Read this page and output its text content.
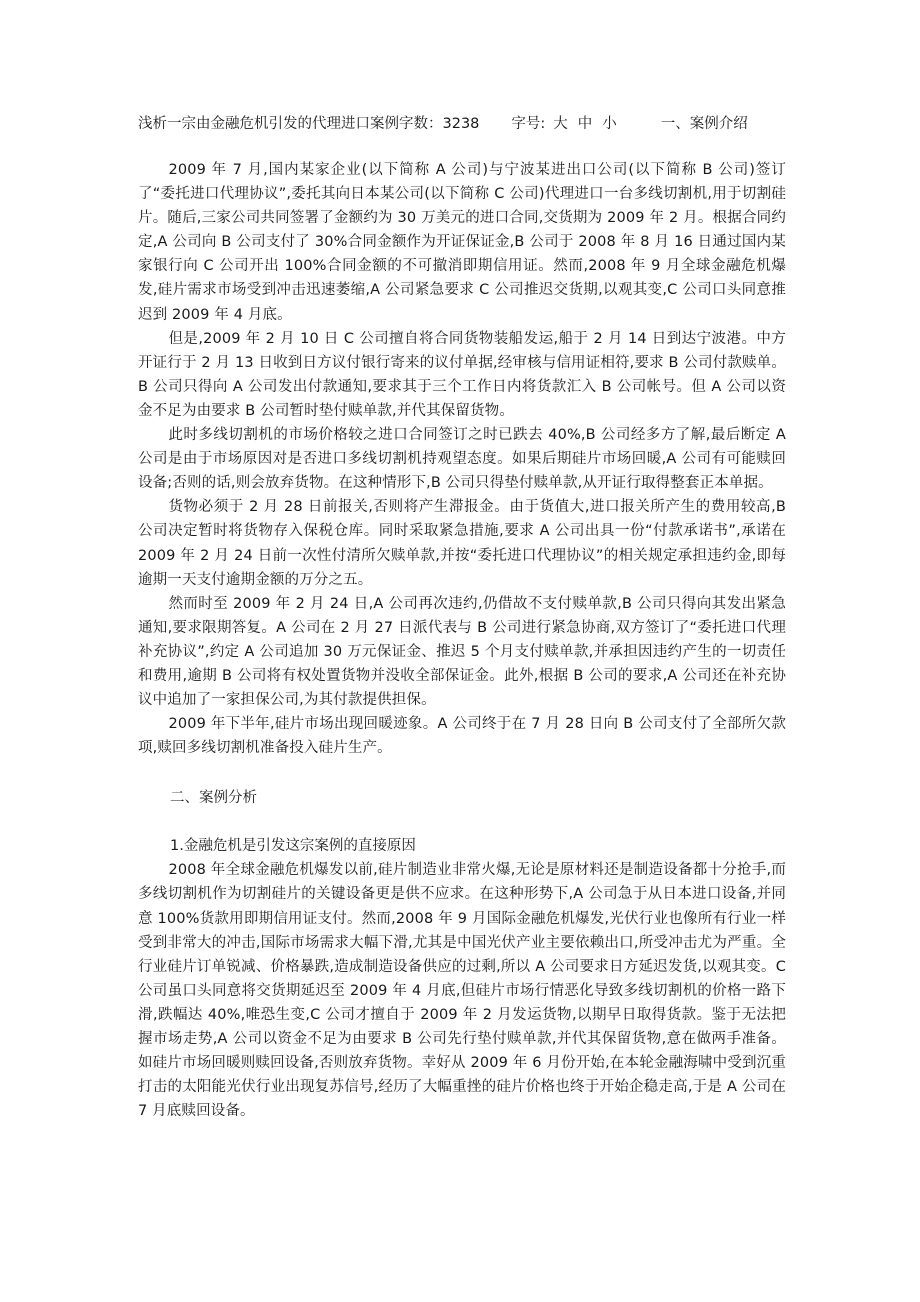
浅析一宗由金融危机引发的代理进口案例字数：3238 字号: 大 中 小	一、案例介绍

2009 年 7 月,国内某家企业(以下简称 A 公司)与宁波某进出口公司(以下简称 B 公司)签订了“委托进口代理协议”,委托其向日本某公司(以下简称 C 公司)代理进口一台多线切割机,用于切割硅片。随后,三家公司共同签署了金额约为 30 万美元的进口合同,交货期为 2009 年 2 月。根据合同约定,A 公司向 B 公司支付了 30%合同金额作为开证保证金,B 公司于 2008 年 8 月 16 日通过国内某家银行向 C 公司开出 100%合同金额的不可撤消即期信用证。然而,2008 年 9 月全球金融危机爆发,硅片需求市场受到冲击迅速萎缩,A 公司紧急要求 C 公司推迟交货期,以观其变,C 公司口头同意推迟到 2009 年 4 月底。

但是,2009 年 2 月 10 日 C 公司擅自将合同货物装船发运,船于 2 月 14 日到达宁波港。中方开证行于 2 月 13 日收到日方议付银行寄来的议付单据,经审核与信用证相符,要求 B 公司付款赎单。B 公司只得向 A 公司发出付款通知,要求其于三个工作日内将货款汇入 B 公司帐号。但 A 公司以资金不足为由要求 B 公司暂时垫付赎单款,并代其保留货物。

此时多线切割机的市场价格较之进口合同签订之时已跌去 40%,B 公司经多方了解,最后断定 A 公司是由于市场原因对是否进口多线切割机持观望态度。如果后期硅片市场回暖,A 公司有可能赎回设备;否则的话,则会放弃货物。在这种情形下,B 公司只得垫付赎单款,从开证行取得整套正本单据。

货物必须于 2 月 28 日前报关,否则将产生滞报金。由于货值大,进口报关所产生的费用较高,B 公司决定暂时将货物存入保税仓库。同时采取紧急措施,要求 A 公司出具一份“付款承诺书”,承诺在 2009 年 2 月 24 日前一次性付清所欠赎单款,并按“委托进口代理协议”的相关规定承担违约金,即每逾期一天支付逾期金额的万分之五。

然而时至 2009 年 2 月 24 日,A 公司再次违约,仍借故不支付赎单款,B 公司只得向其发出紧急通知,要求限期答复。A 公司在 2 月 27 日派代表与 B 公司进行紧急协商,双方签订了“委托进口代理补充协议”,约定 A 公司追加 30 万元保证金、推迟 5 个月支付赎单款,并承担因违约产生的一切责任和费用,逾期 B 公司将有权处置货物并没收全部保证金。此外,根据 B 公司的要求,A 公司还在补充协议中追加了一家担保公司,为其付款提供担保。

2009 年下半年,硅片市场出现回暖迹象。A 公司终于在 7 月 28 日向 B 公司支付了全部所欠款项,赎回多线切割机准备投入硅片生产。

二、案例分析

1.金融危机是引发这宗案例的直接原因

2008 年全球金融危机爆发以前,硅片制造业非常火爆,无论是原材料还是制造设备都十分抢手,而多线切割机作为切割硅片的关键设备更是供不应求。在这种形势下,A 公司急于从日本进口设备,并同意 100%货款用即期信用证支付。然而,2008 年 9 月国际金融危机爆发,光伏行业也像所有行业一样受到非常大的冲击,国际市场需求大幅下滑,尤其是中国光伏产业主要依赖出口,所受冲击尤为严重。全行业硅片订单锐减、价格暴跌,造成制造设备供应的过剩,所以 A 公司要求日方延迟发货,以观其变。C 公司虽口头同意将交货期延迟至 2009 年 4 月底,但硅片市场行情恶化导致多线切割机的价格一路下滑,跌幅达 40%,唯恐生变,C 公司才擅自于 2009 年 2 月发运货物,以期早日取得货款。鉴于无法把握市场走势,A 公司以资金不足为由要求 B 公司先行垫付赎单款,并代其保留货物,意在做两手准备。如硅片市场回暖则赎回设备,否则放弃货物。幸好从 2009 年 6 月份开始,在本轮金融海啸中受到沉重打击的太阳能光伏行业出现复苏信号,经历了大幅重挫的硅片价格也终于开始企稳走高,于是 A 公司在 7 月底赎回设备。
